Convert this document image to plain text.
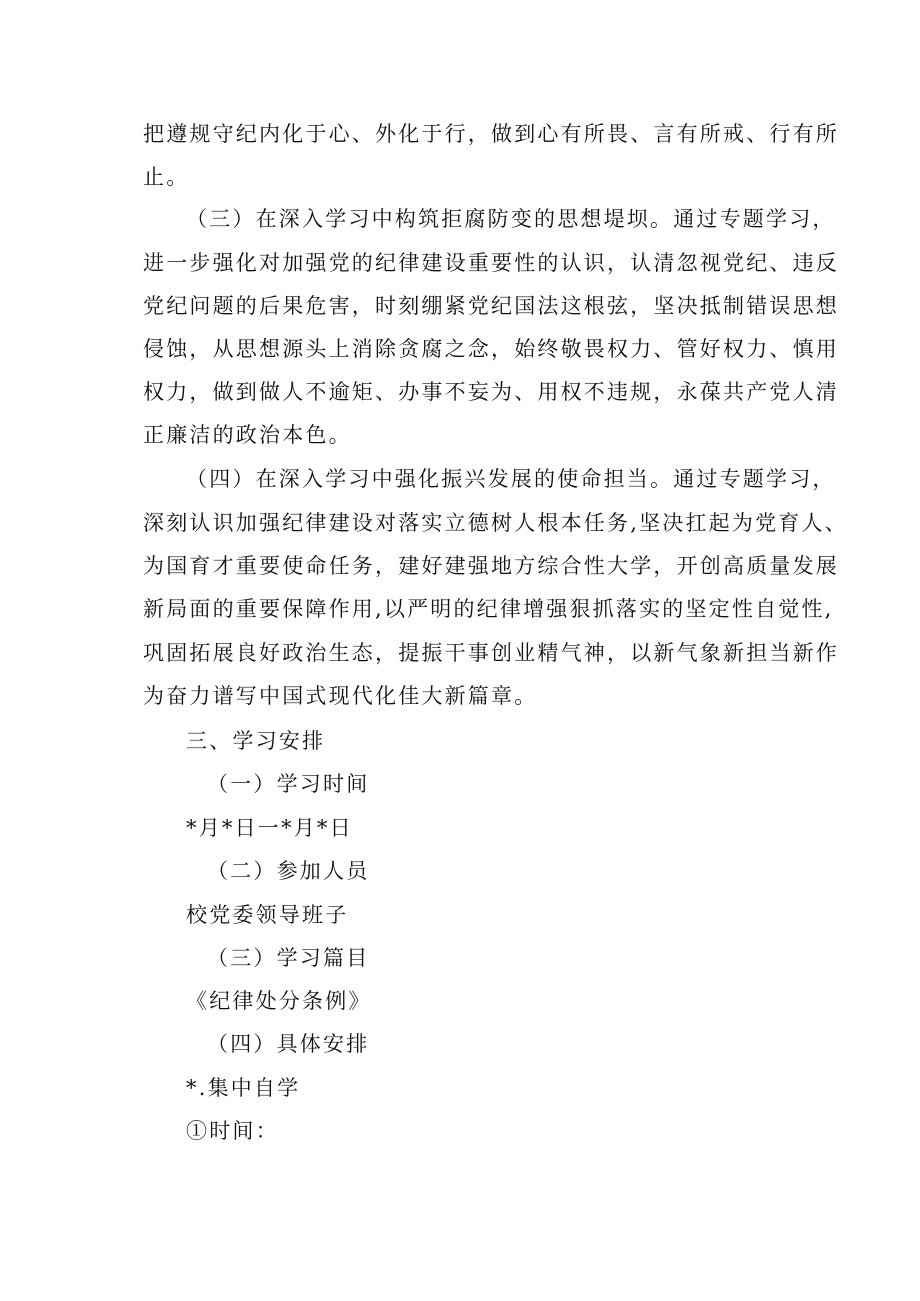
把遵规守纪内化于心、外化于行，做到心有所畏、言有所戒、行有所
止。
（三）在深入学习中构筑拒腐防变的思想堤坝。通过专题学习，
进一步强化对加强党的纪律建设重要性的认识，认清忽视党纪、违反
党纪问题的后果危害，时刻绷紧党纪国法这根弦，坚决抵制错误思想
侵蚀，从思想源头上消除贪腐之念，始终敬畏权力、管好权力、慎用
权力，做到做人不逾矩、办事不妄为、用权不违规，永葆共产党人清
正廉洁的政治本色。
（四）在深入学习中强化振兴发展的使命担当。通过专题学习，
深刻认识加强纪律建设对落实立德树人根本任务,坚决扛起为党育人、
为国育才重要使命任务，建好建强地方综合性大学，开创高质量发展
新局面的重要保障作用,以严明的纪律增强狠抓落实的坚定性自觉性,
巩固拓展良好政治生态，提振干事创业精气神，以新气象新担当新作
为奋力谱写中国式现代化佳大新篇章。
三、学习安排
（一）学习时间
*月*日一*月*日
（二）参加人员
校党委领导班子
（三）学习篇目
《纪律处分条例》
（四）具体安排
*.集中自学
①时间：
